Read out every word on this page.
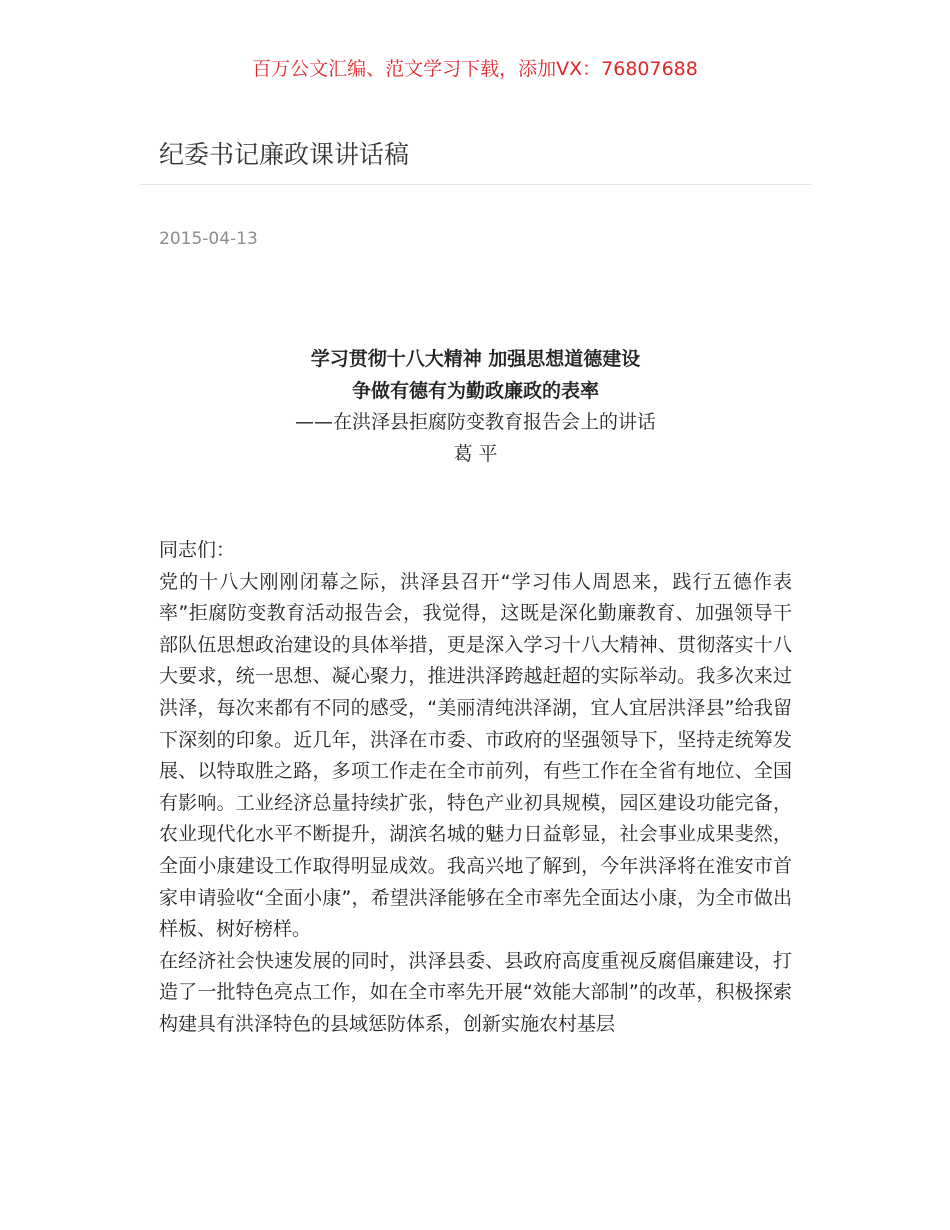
百万公文汇编、范文学习下载，添加VX：76807688
纪委书记廉政课讲话稿
2015-04-13
学习贯彻十八大精神 加强思想道德建设
争做有德有为勤政廉政的表率
——在洪泽县拒腐防变教育报告会上的讲话
葛 平

同志们：

党的十八大刚刚闭幕之际，洪泽县召开“学习伟人周恩来，践行五德作表率”拒腐防变教育活动报告会，我觉得，这既是深化勤廉教育、加强领导干部队伍思想政治建设的具体举措，更是深入学习十八大精神、贯彻落实十八大要求，统一思想、凝心聚力，推进洪泽跨越赶超的实际举动。我多次来过洪泽，每次来都有不同的感受，“美丽清纯洪泽湖，宜人宜居洪泽县”给我留下深刻的印象。近几年，洪泽在市委、市政府的坚强领导下，坚持走统筹发展、以特取胜之路，多项工作走在全市前列，有些工作在全省有地位、全国有影响。工业经济总量持续扩张，特色产业初具规模，园区建设功能完备，农业现代化水平不断提升，湖滨名城的魅力日益彰显，社会事业成果斐然，全面小康建设工作取得明显成效。我高兴地了解到，今年洪泽将在淮安市首家申请验收“全面小康”，希望洪泽能够在全市率先全面达小康，为全市做出样板、树好榜样。

在经济社会快速发展的同时，洪泽县委、县政府高度重视反腐倡廉建设，打造了一批特色亮点工作，如在全市率先开展“效能大部制”的改革，积极探索构建具有洪泽特色的县域惩防体系，创新实施农村基层
